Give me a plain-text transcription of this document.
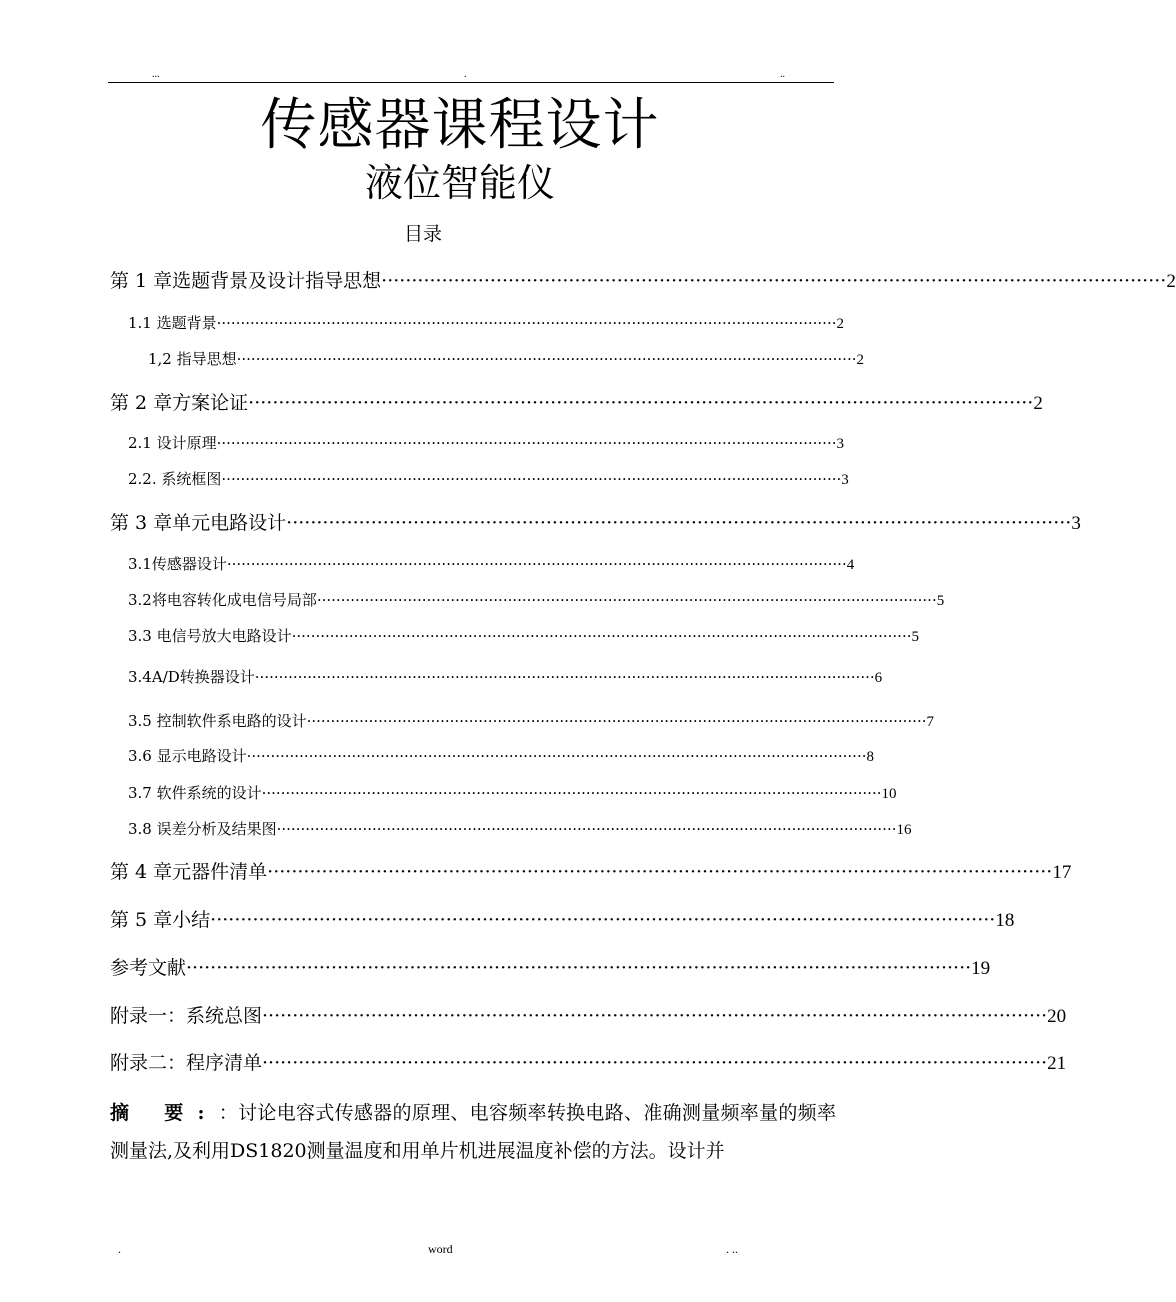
...	.	..
传感器课程设计
液位智能仪
目录
第 1 章选题背景及设计指导思想 ·································································································································· 2
1.1 选题背景 ·································································································································· 2
1,2 指导思想 ·································································································································· 2
第 2 章方案论证 ·································································································································· 2
2.1 设计原理 ·································································································································· 3
2.2. 系统框图 ·································································································································· 3
第 3 章单元电路设计 ·································································································································· 3
3.1传感器设计 ·································································································································· 4
3.2将电容转化成电信号局部 ·································································································································· 5
3.3 电信号放大电路设计 ·································································································································· 5
3.4A/D转换器设计 ·································································································································· 6
3.5 控制软件系电路的设计 ·································································································································· 7
3.6 显示电路设计 ·································································································································· 8
3.7 软件系统的设计 ·································································································································· 10
3.8 误差分析及结果图 ·································································································································· 16
第 4 章元器件清单 ·································································································································· 17
第 5 章小结 ·································································································································· 18
参考文献 ·································································································································· 19
附录一：系统总图 ·································································································································· 20
附录二：程序清单 ·································································································································· 21
摘 要:：讨论电容式传感器的原理、电容频率转换电路、准确测量频率量的频率测量法,及利用DS1820测量温度和用单片机进展温度补偿的方法。设计并
.	word	. ..
